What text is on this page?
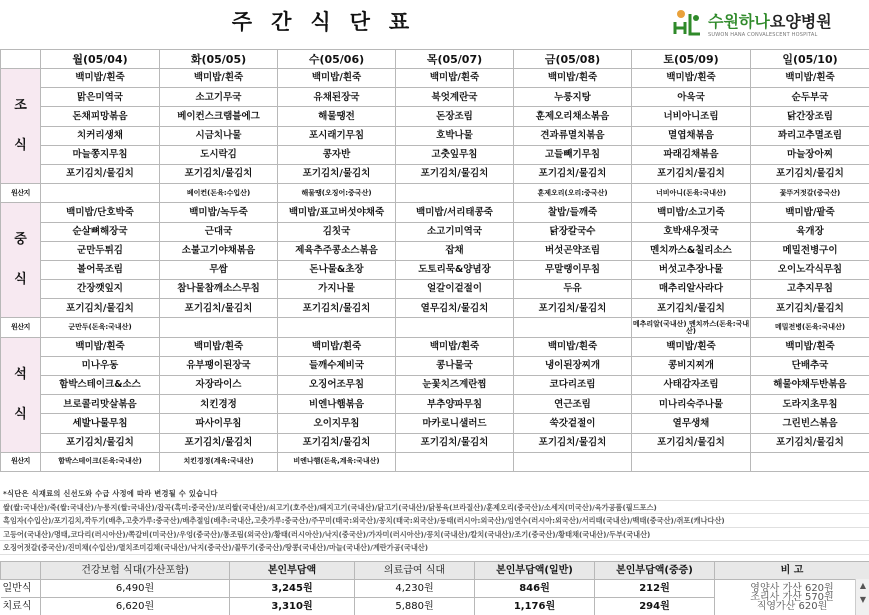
주간식단표	수원하나요양병원
SUWON HANA CONVALESCENT HOSPITAL
	월(05/04)	화(05/05)	수(05/06)	목(05/07)	금(05/08)	토(05/09)	일(05/10)

조
식	백미밥/흰죽	백미밥/흰죽	백미밥/흰죽	백미밥/흰죽	백미밥/흰죽	백미밥/흰죽	백미밥/흰죽
	맑은미역국	소고기무국	유채된장국	북엇계란국	누룽지탕	아욱국	순두부국
	돈채피망볶음	베이컨스크램블에그	해물땡전	돈장조림	훈제오리채소볶음	너비아니조림	닭간장조림
	치커리생채	시금치나물	포시래기무침	호박나물	견과류멸치볶음	멸엽채볶음	꽈리고추멸조림
	마늘쫑지무침	도시락김	콩자반	고춧잎무침	고들빼기무침	파래김채볶음	마늘장아찌
	포기김치/물김치	포기김치/물김치	포기김치/물김치	포기김치/물김치	포기김치/물김치	포기김치/물김치	포기김치/물김치
원산지		베이컨(돈육:수입산)	해물땡(오징어:중국산)		훈제오리(오리:중국산)	너비아니(돈육:국내산)	꽃뚜거젓갈(중국산)

중
식	백미밥/단호박죽	백미밥/녹두죽	백미밥/표고버섯야채죽	백미밥/서리태콩죽	찰밥/들깨죽	백미밥/소고기죽	백미밥/팥죽
	순살뼈해장국	근대국	김칫국	소고기미역국	닭장칼국수	호박새우젓국	육개장
	군만두튀김	소불고기야채볶음	제육추주콩소스볶음	잡채	버섯곤약조림	멘치까스&칠리소스	메밀전병구이
	볼어묵조림	무쌈	돈나물&초장	도토리묵&양념장	무말랭이무침	버섯고추장나물	오이노각식무침
	간장깻잎지	참나물참깨소스무침	가지나물	얼갈이겉절이	두유	매추리알사라다	고추지무침
	포기김치/물김치	포기김치/물김치	포기김치/물김치	열무김치/물김치	포기김치/물김치	포기김치/물김치	포기김치/물김치
원산지	군만두(돈육:국내산)					메추리알(국내산) 멘치까스(돈육:국내산)	메밀전병(돈육:국내산)

석
식	백미밥/흰죽	백미밥/흰죽	백미밥/흰죽	백미밥/흰죽	백미밥/흰죽	백미밥/흰죽	백미밥/흰죽
	미나우동	유부팽이된장국	들깨수제비국	콩나물국	냉이된장찌개	콩비지찌개	단배추국
	함박스테이크&소스	자장라이스	오징어조무침	눈꽃치즈계란찜	코다리조림	사태감자조림	해물야채두반볶음
	브로콜리맛살볶음	치킨경정	비엔나햄볶음	부추양파무침	연근조림	미나리숙주나물	도라지초무침
	세발나물무침	파사이무침	오이지무침	마카로니샐러드	쑥갓겉절이	열무생채	그린빈스볶음
	포기김치/물김치	포기김치/물김치	포기김치/물김치	포기김치/물김치	포기김치/물김치	포기김치/물김치	포기김치/물김치
원산지	함박스테이크(돈육:국내산)	치킨경정(계육:국내산)	비엔나햄(돈육,계육:국내산)				
*식단은 식재료의 신선도와 수급 사정에 따라 변경될 수 있습니다
쌀(쌀:국내산)/죽(쌀:국내산)/누룽지(쌀:국내산)/잡곡(흑미:중국산)/보리쌀(국내산)/쇠고기(호주산)/돼지고기(국내산)/닭고기(국내산)/닭봉육(브라질산)/훈제오리(중국산)/소세지(미국산)/육가공품(필드포스)
흑임자(수입산)/포기김치,깍두기(배추,고춧가루:중국산)/배추절임(배추:국내산,고춧가루:중국산)/주꾸미(태국:외국산)/꽁치(태국:외국산)/동태(러시아:외국산)/임연수(러시아:외국산)/서리태(국내산)/백태(중국산)/쥐포(캐나다산)
고등어(국내산)/명태,코다리(러시아산)/쪽갈비(미국산)/우엉(중국산)/통조림(외국산)/황태(러시아산)/낙지(중국산)/가자미(러시아산)/꽁치(국내산)/칼치(국내산)/조기(중국산)/황태채(국내산)/두부(국내산)
오징어젓갈(중국산)/진미채(수입산)/멸치조미김채(국내산)/낙지(중국산)/꼴뚜기(중국산)/땅콩(국내산)/마늘(국내산)/계란가공(국내산)
	건강보험 식대(가산포함)	본인부담액	의료급여 식대	본인부담액(일반)	본인부담액(중증)	비 고
일반식	6,490원	3,245원	4,230원	846원	212원	영양사 가산 620원
조리사 가산 570원
직영가산 620원

치료식	6,620원	3,310원	5,880원	1,176원	294원	
▲
▼
